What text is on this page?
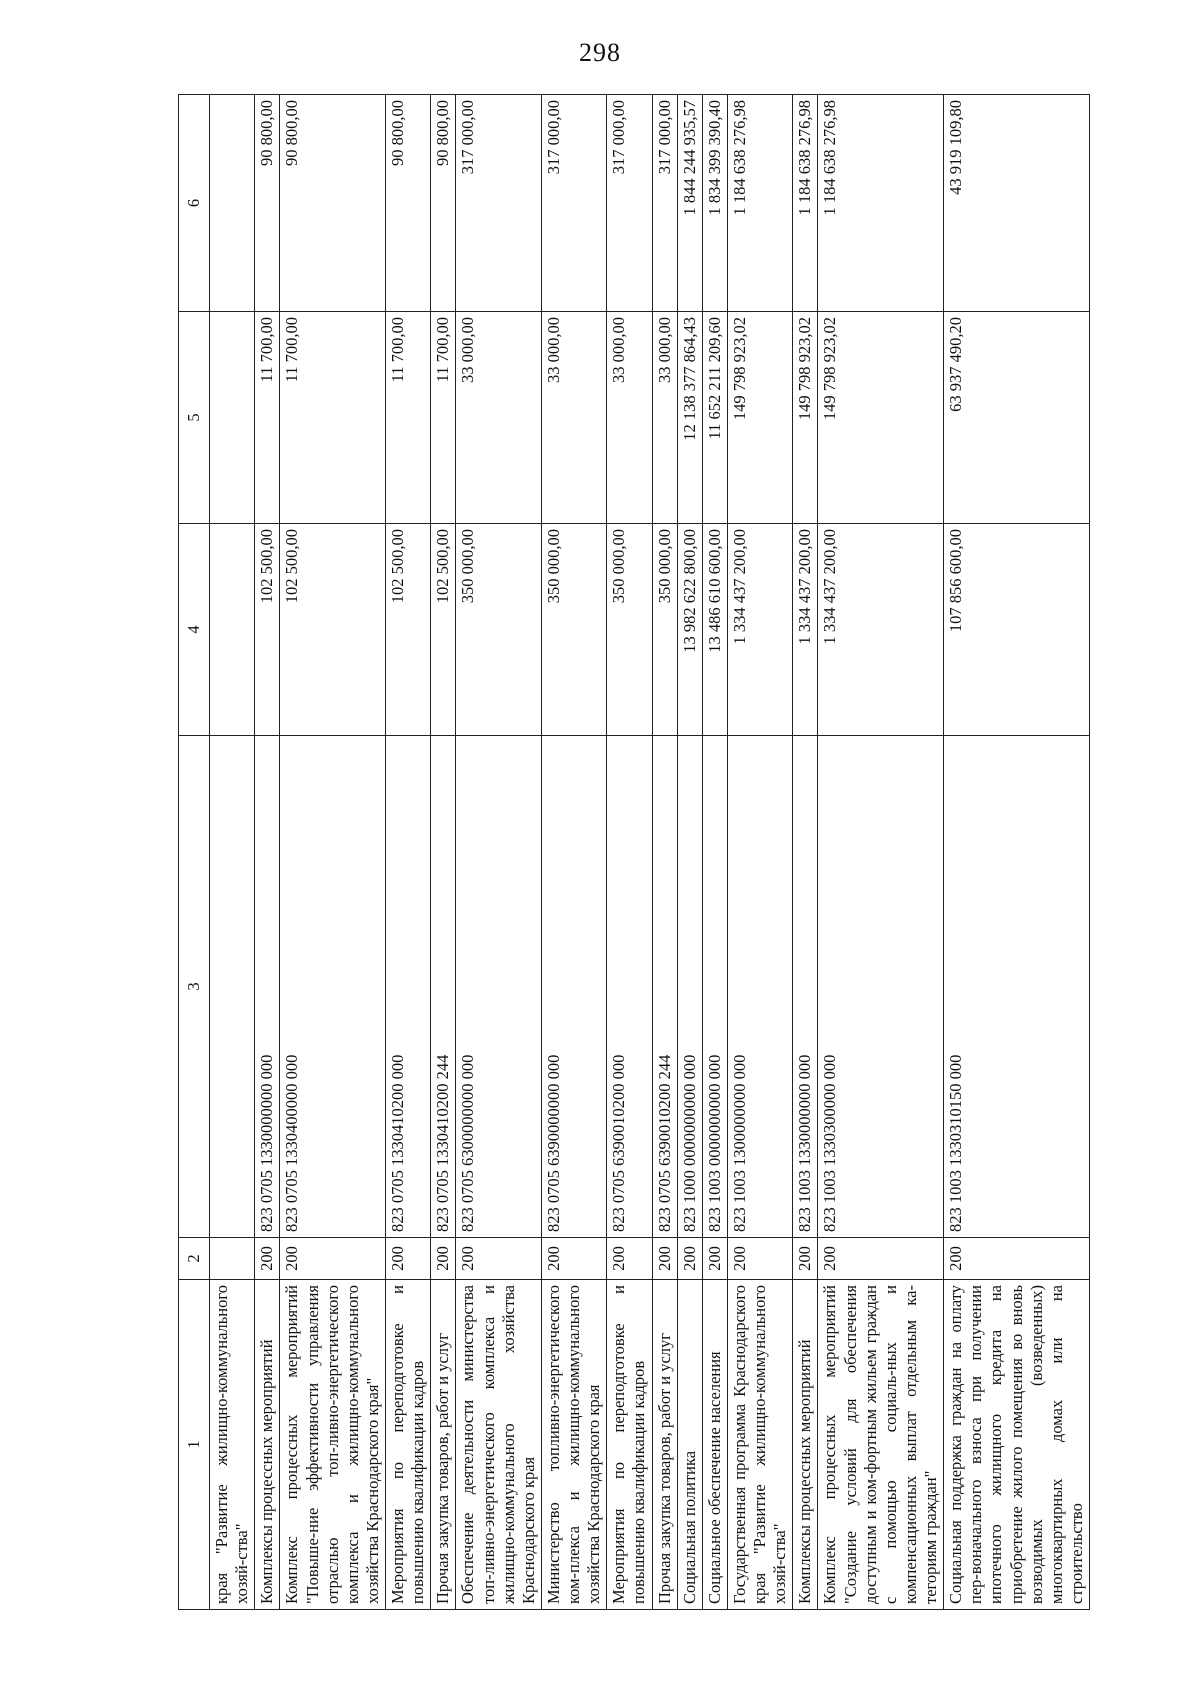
298
1	2	3	4	5	6
края "Развитие жилищно-коммунального хозяй-ства"					
Комплексы процессных мероприятий	200	823 0705 1330000000 000	102 500,00	11 700,00	90 800,00
Комплекс процессных мероприятий "Повыше-ние эффективности управления отраслью топ-ливно-энергетического комплекса и жилищно-коммунального хозяйства Краснодарского края"	200	823 0705 1330400000 000	102 500,00	11 700,00	90 800,00
Мероприятия по переподготовке и повышению квалификации кадров	200	823 0705 1330410200 000	102 500,00	11 700,00	90 800,00
Прочая закупка товаров, работ и услуг	200	823 0705 1330410200 244	102 500,00	11 700,00	90 800,00
Обеспечение деятельности министерства топ-ливно-энергетического комплекса и жилищно-коммунального хозяйства Краснодарского края	200	823 0705 6300000000 000	350 000,00	33 000,00	317 000,00
Министерство топливно-энергетического ком-плекса и жилищно-коммунального хозяйства Краснодарского края	200	823 0705 6390000000 000	350 000,00	33 000,00	317 000,00
Мероприятия по переподготовке и повышению квалификации кадров	200	823 0705 6390010200 000	350 000,00	33 000,00	317 000,00
Прочая закупка товаров, работ и услуг	200	823 0705 6390010200 244	350 000,00	33 000,00	317 000,00
Социальная политика	200	823 1000 0000000000 000	13 982 622 800,00	12 138 377 864,43	1 844 244 935,57
Социальное обеспечение населения	200	823 1003 0000000000 000	13 486 610 600,00	11 652 211 209,60	1 834 399 390,40
Государственная программа Краснодарского края "Развитие жилищно-коммунального хозяй-ства"	200	823 1003 1300000000 000	1 334 437 200,00	149 798 923,02	1 184 638 276,98
Комплексы процессных мероприятий	200	823 1003 1330000000 000	1 334 437 200,00	149 798 923,02	1 184 638 276,98
Комплекс процессных мероприятий "Создание условий для обеспечения доступным и ком-фортным жильем граждан с помощью социаль-ных и компенсационных выплат отдельным ка-тегориям граждан"	200	823 1003 1330300000 000	1 334 437 200,00	149 798 923,02	1 184 638 276,98
Социальная поддержка граждан на оплату пер-воначального взноса при получении ипотечного жилищного кредита на приобретение жилого помещения во вновь возводимых (возведенных) многоквартирных домах или на строительство	200	823 1003 1330310150 000	107 856 600,00	63 937 490,20	43 919 109,80
